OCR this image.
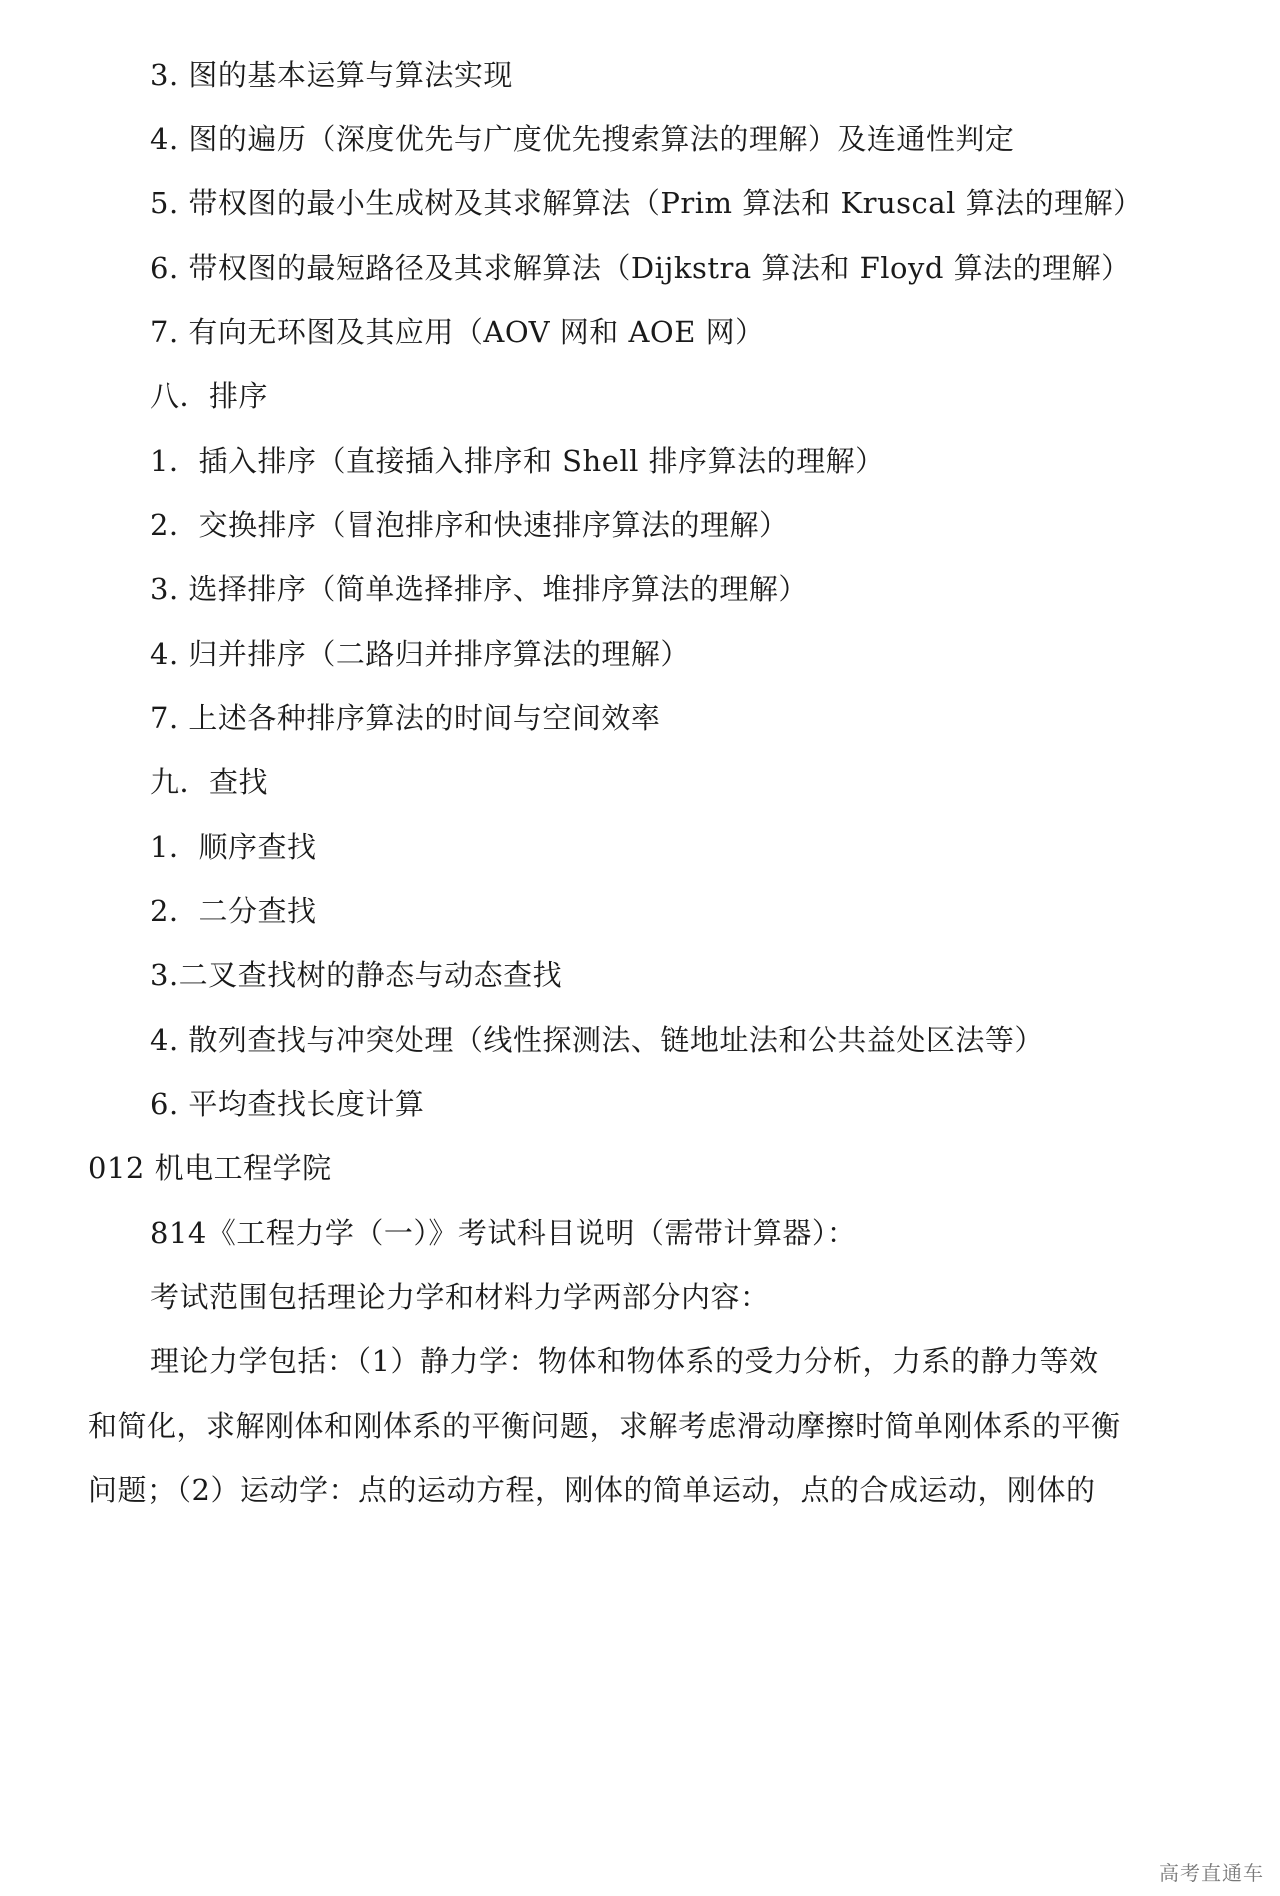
3. 图的基本运算与算法实现
4. 图的遍历（深度优先与广度优先搜索算法的理解）及连通性判定
5. 带权图的最小生成树及其求解算法（Prim 算法和 Kruscal 算法的理解）
6. 带权图的最短路径及其求解算法（Dijkstra 算法和 Floyd 算法的理解）
7. 有向无环图及其应用（AOV 网和 AOE 网）
八．排序
1．插入排序（直接插入排序和 Shell 排序算法的理解）
2．交换排序（冒泡排序和快速排序算法的理解）
3. 选择排序（简单选择排序、堆排序算法的理解）
4. 归并排序（二路归并排序算法的理解）
7. 上述各种排序算法的时间与空间效率
九．查找
1．顺序查找
2．二分查找
3.二叉查找树的静态与动态查找
4. 散列查找与冲突处理（线性探测法、链地址法和公共益处区法等）
6. 平均查找长度计算
012 机电工程学院
814《工程力学（一）》考试科目说明（需带计算器）：
考试范围包括理论力学和材料力学两部分内容：
理论力学包括：（1）静力学：物体和物体系的受力分析，力系的静力等效
和简化，求解刚体和刚体系的平衡问题，求解考虑滑动摩擦时简单刚体系的平衡
问题；（2）运动学：点的运动方程，刚体的简单运动，点的合成运动，刚体的
高考直通车
